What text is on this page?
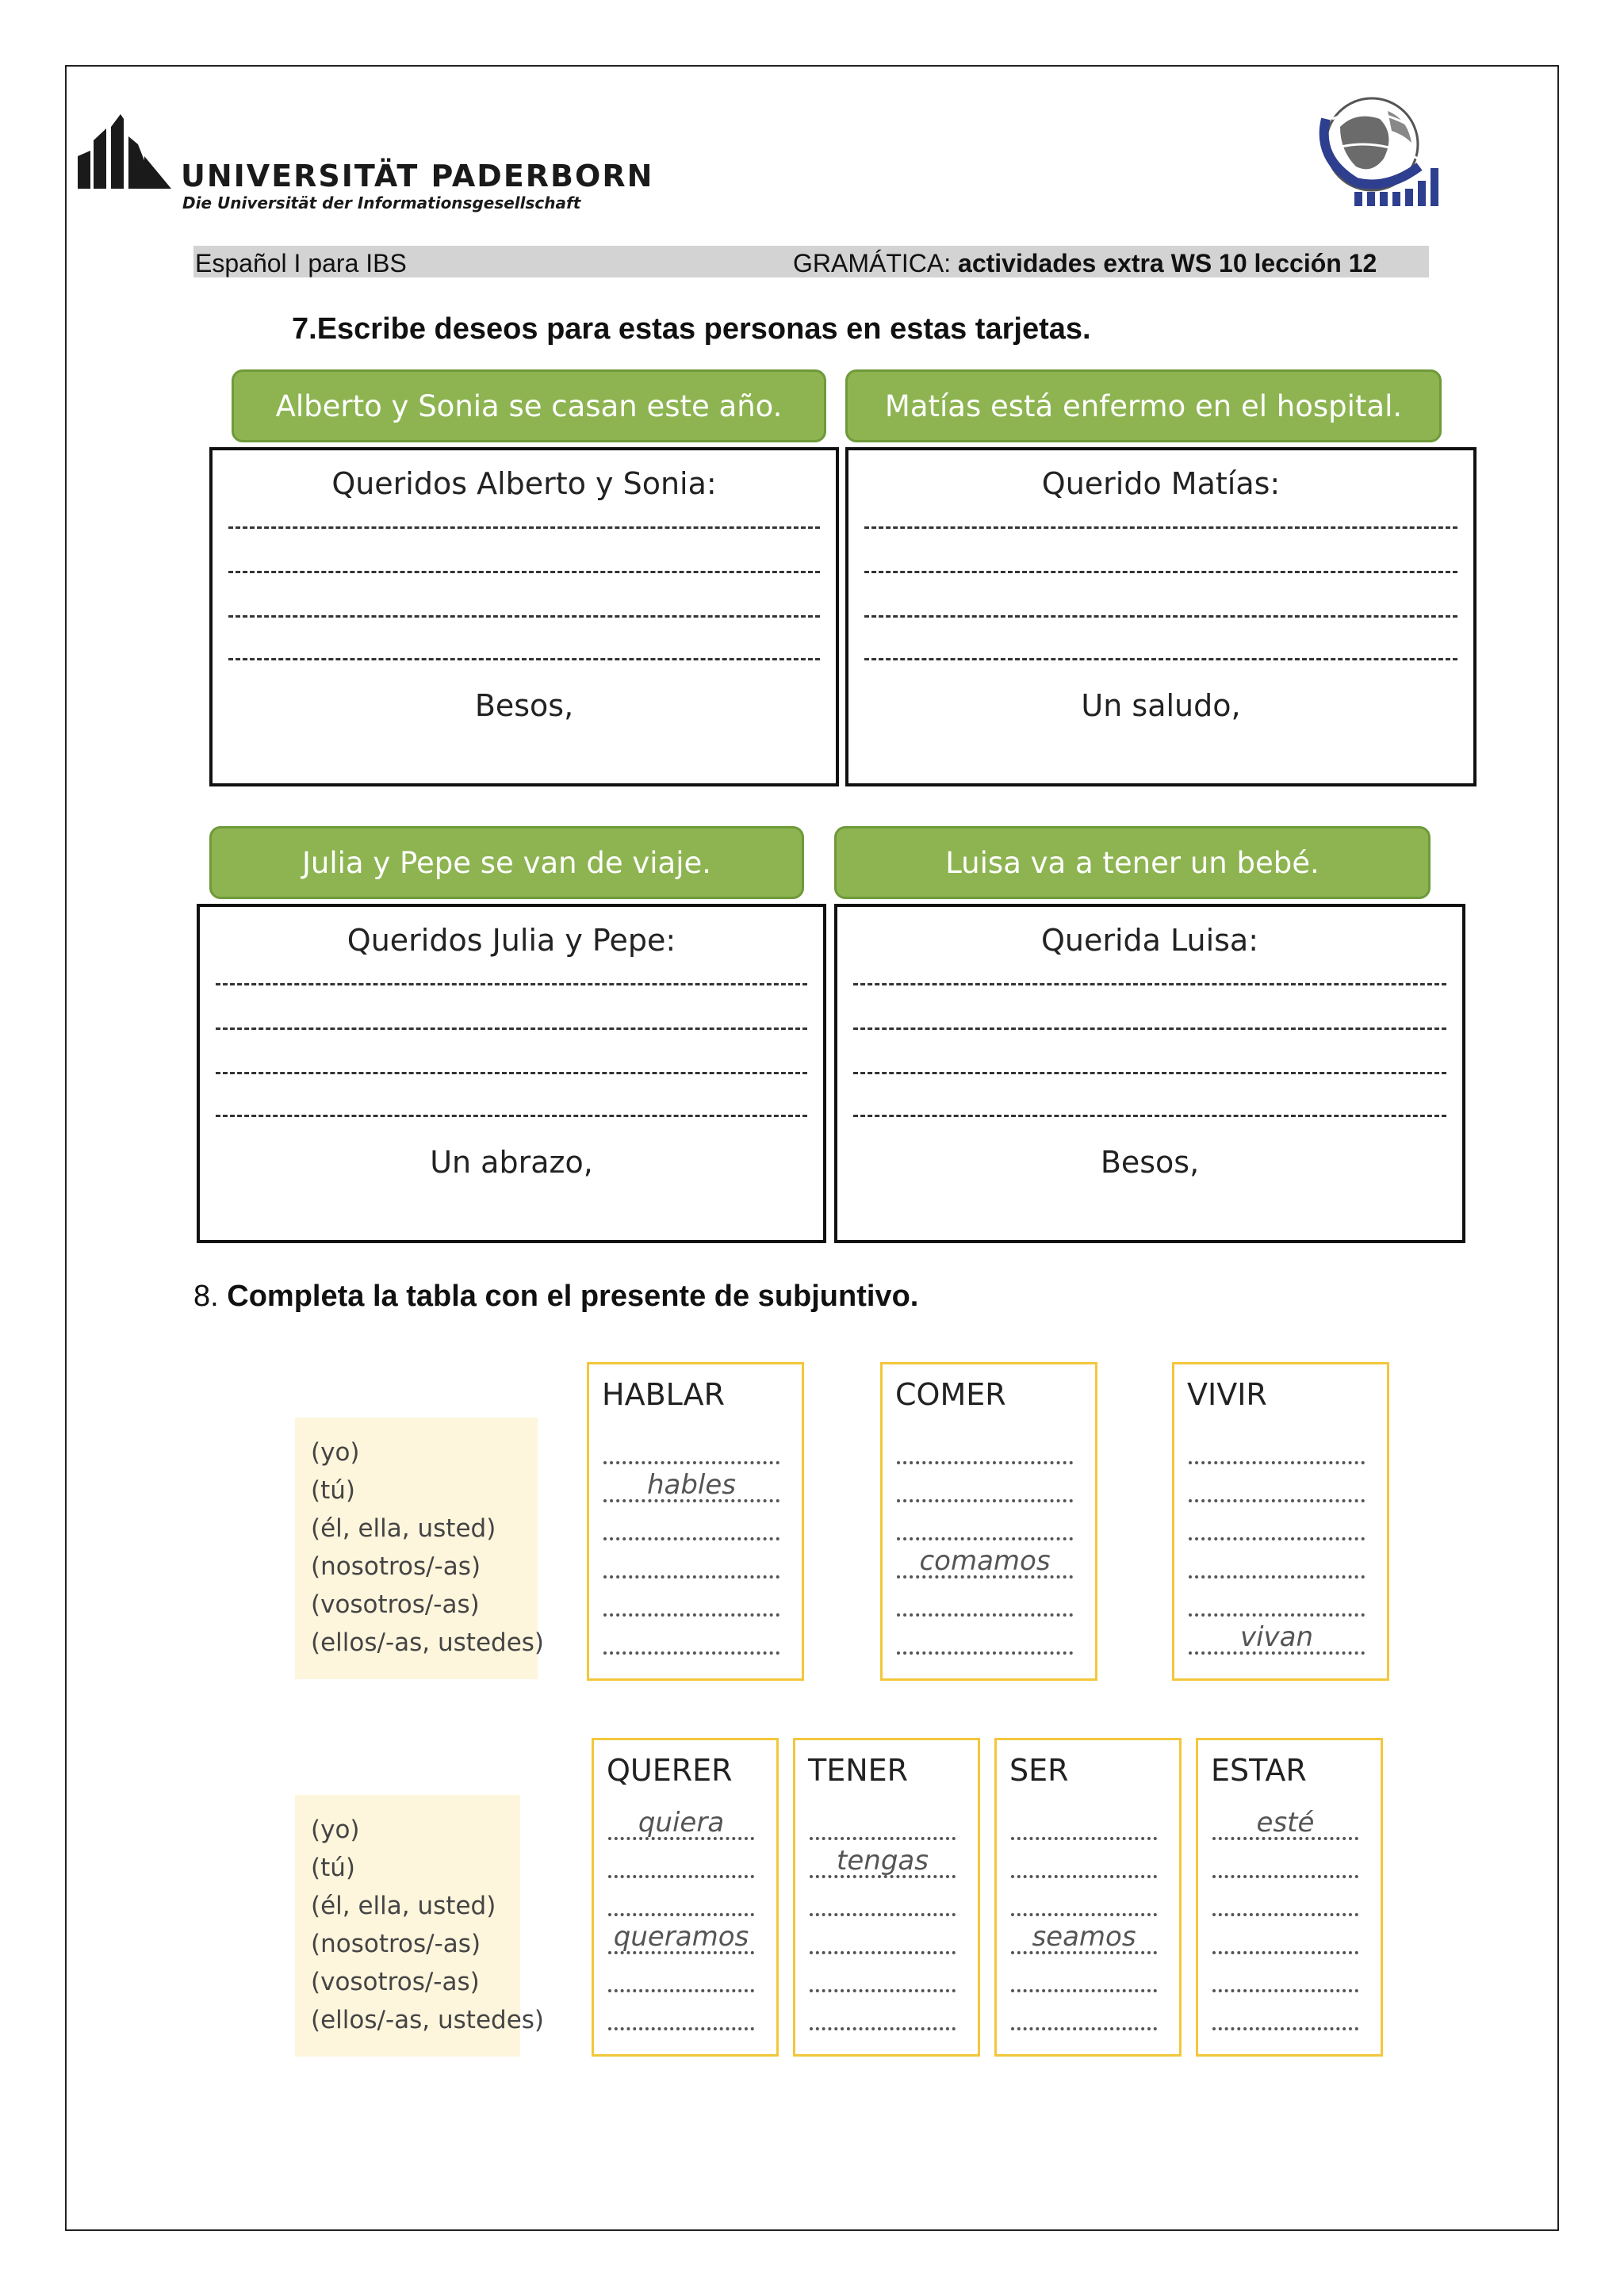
UNIVERSITÄT PADERBORN
Die Universität der Informationsgesellschaft
Español I para IBS	GRAMÁTICA: actividades extra WS 10 lección 12
7.Escribe deseos para estas personas en estas tarjetas.
Alberto y Sonia se casan este año.
Queridos Alberto y Sonia:
Besos,
Matías está enfermo en el hospital.
Querido Matías:
Un saludo,
Julia y Pepe se van de viaje.
Queridos Julia y Pepe:
Un abrazo,
Luisa va a tener un bebé.
Querida Luisa:
Besos,
8. Completa la tabla con el presente de subjuntivo.
(yo)
(tú)
(él, ella, usted)
(nosotros/-as)
(vosotros/-as)
(ellos/-as, ustedes)
HABLAR
hables
COMER
comamos
VIVIR
vivan
(yo)
(tú)
(él, ella, usted)
(nosotros/-as)
(vosotros/-as)
(ellos/-as, ustedes)
QUERER
quiera
queramos
TENER
tengas
SER
seamos
ESTAR
esté
